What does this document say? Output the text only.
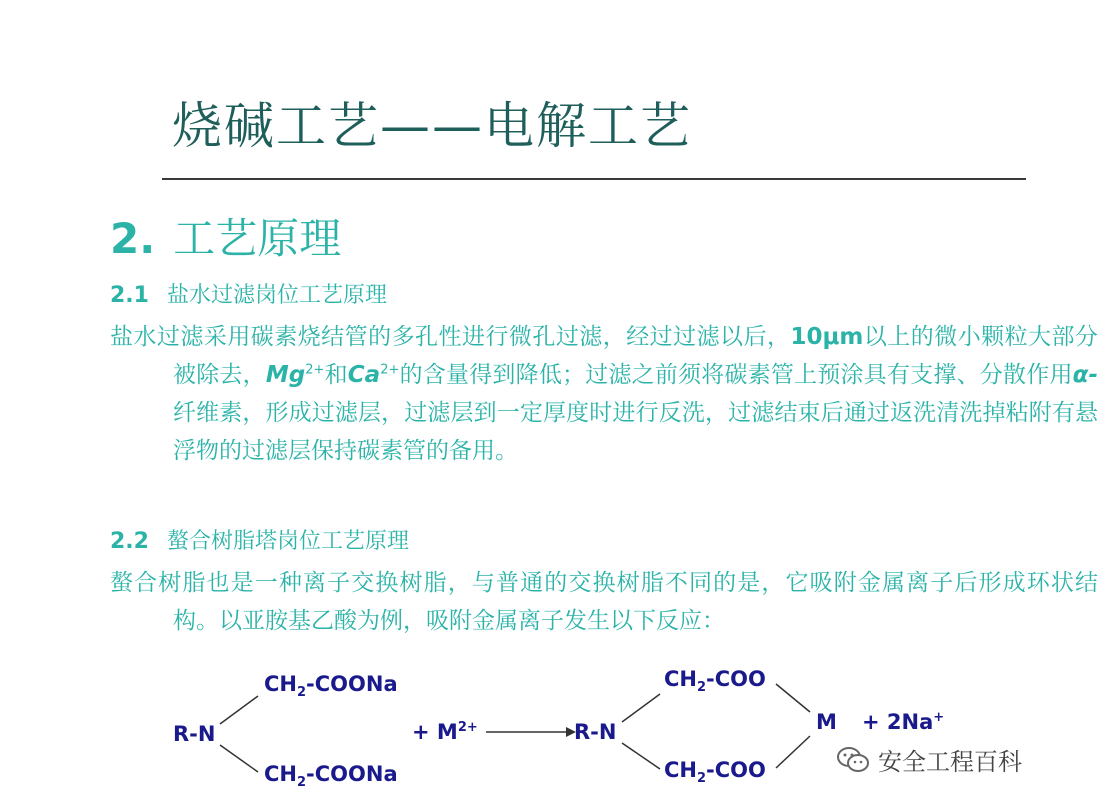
烧碱工艺——电解工艺
2. 工艺原理
2.1 盐水过滤岗位工艺原理
盐水过滤采用碳素烧结管的多孔性进行微孔过滤，经过过滤以后，10μm以上的微小颗粒大部分被除去，$Mg^{2+}$和$Ca^{2+}$的含量得到降低；过滤之前须将碳素管上预涂具有支撑、分散作用α-纤维素，形成过滤层，过滤层到一定厚度时进行反洗，过滤结束后通过返洗清洗掉粘附有悬浮物的过滤层保持碳素管的备用。
2.2 螯合树脂塔岗位工艺原理
螯合树脂也是一种离子交换树脂，与普通的交换树脂不同的是，它吸附金属离子后形成环状结构。以亚胺基乙酸为例，吸附金属离子发生以下反应：
R-N
$CH_2$-COONa
$CH_2$-COONa
+ $M^{2+}$	R-N
$CH_2$-COO
$CH_2$-COO
M + 2Na+
安全工程百科
